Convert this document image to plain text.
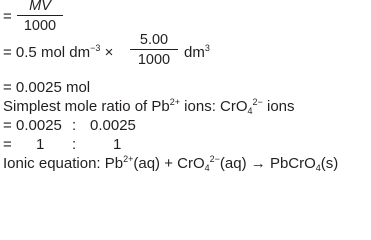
=
MV
1000
= 0.5 mol $dm^{-3}$ ×
5.00
1000 $dm^3$
= 0.0025 mol
Simplest mole ratio of $Pb^{2+}$ ions: CrO$_4^{2-}$ ions
= 0.0025 : 0.0025
= 1 : 1
Ionic equation: $Pb^{2+}(aq) + CrO_4^{2-}(aq)$ → PbCrO$_4$(s)
